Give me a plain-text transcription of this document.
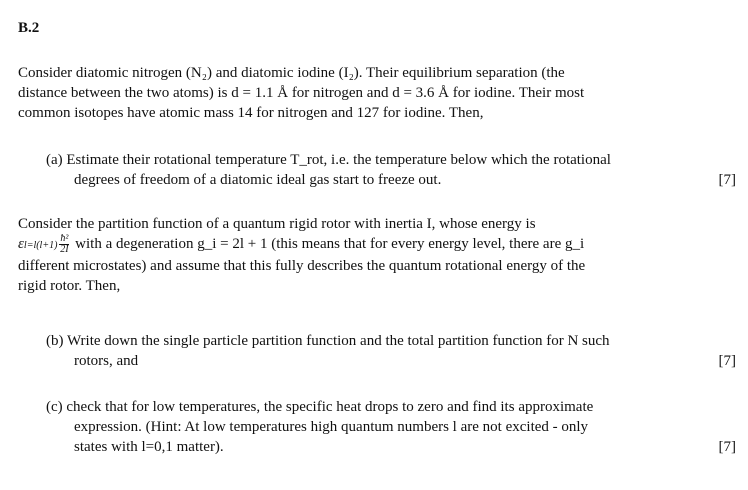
B.2
Consider diatomic nitrogen (N₂) and diatomic iodine (I₂). Their equilibrium separation (the
distance between the two atoms) is d = 1.1 Å for nitrogen and d = 3.6 Å for iodine. Their most
common isotopes have atomic mass 14 for nitrogen and 127 for iodine. Then,
(a) Estimate their rotational temperature T_rot, i.e. the temperature below which the rotational
degrees of freedom of a diatomic ideal gas start to freeze out.	[7]
Consider the partition function of a quantum rigid rotor with inertia I, whose energy is
$\varepsilon l=l(l+1) \frac{\text{ħ²}}{2I}$ with a degeneration g_i = 2l + 1 (this means that for every energy level, there are g_i
different microstates) and assume that this fully describes the quantum rotational energy of the
rigid rotor. Then,
(b) Write down the single particle partition function and the total partition function for N such
rotors, and	[7]
(c) check that for low temperatures, the specific heat drops to zero and find its approximate
expression. (Hint: At low temperatures high quantum numbers l are not excited - only
states with l=0,1 matter).	[7]
